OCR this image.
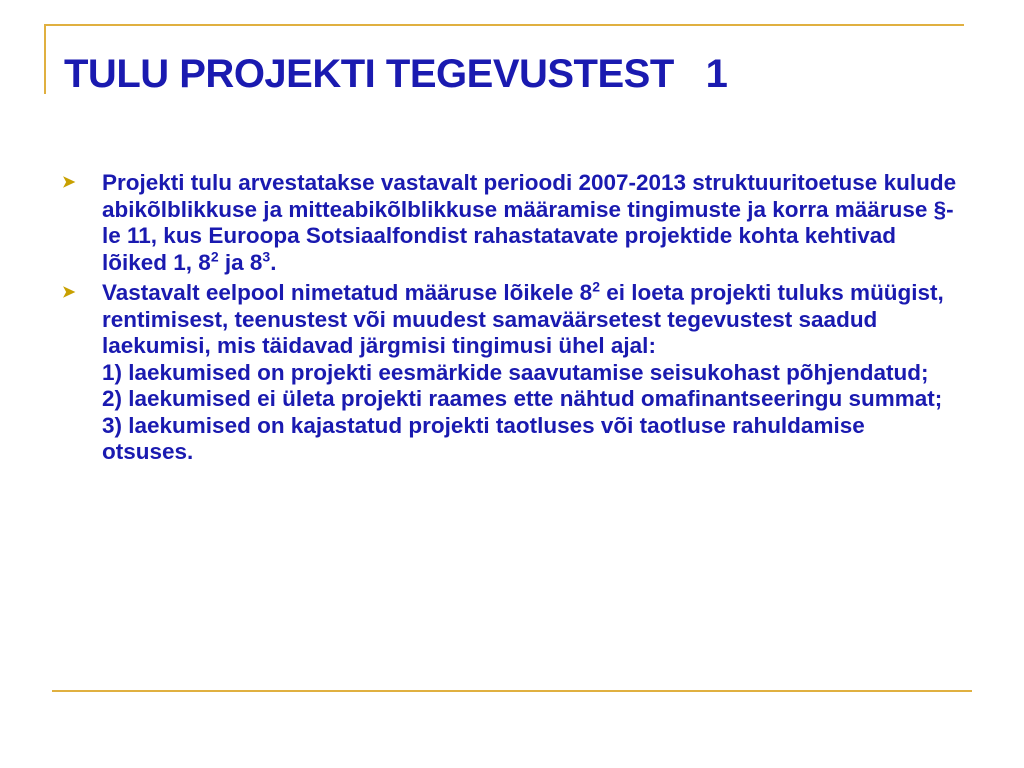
TULU PROJEKTI TEGEVUSTEST   1
➤ Projekti tulu arvestatakse vastavalt perioodi 2007-2013 struktuuritoetuse kulude abikõlblikkuse ja mitteabikõlblikkuse määramise tingimuste ja korra määruse §-le 11, kus Euroopa Sotsiaalfondist rahastatavate projektide kohta kehtivad lõiked 1, $8^2$ ja $8^3$.
➤ Vastavalt eelpool nimetatud määruse lõikele $8^2$ ei loeta projekti tuluks müügist, rentimisest, teenustest või muudest samaväärsetest tegevustest saadud laekumisi, mis täidavad järgmisi tingimusi ühel ajal:
1) laekumised on projekti eesmärkide saavutamise seisukohast põhjendatud;
2) laekumised ei ületa projekti raames ette nähtud omafinantseeringu summat;
3) laekumised on kajastatud projekti taotluses või taotluse rahuldamise otsuses.
